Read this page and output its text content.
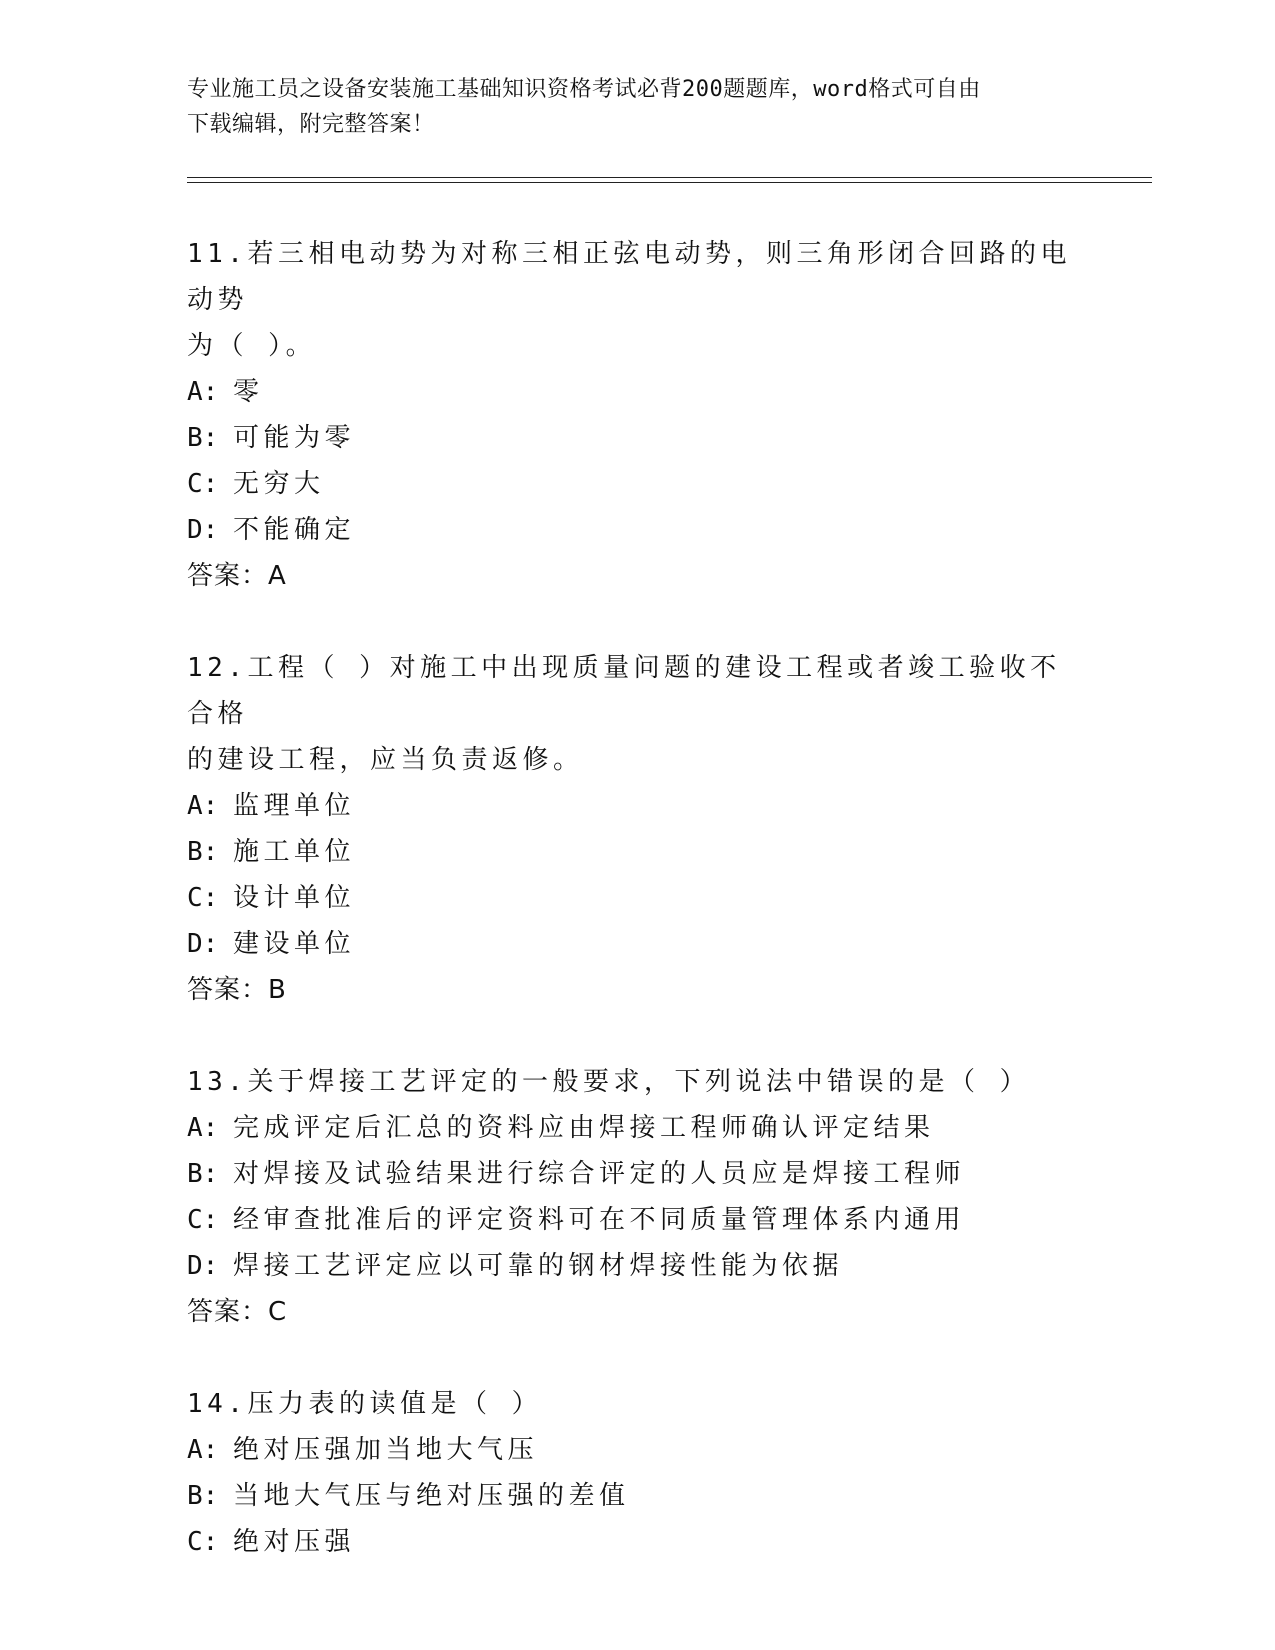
专业施工员之设备安装施工基础知识资格考试必背200题题库，word格式可自由
下载编辑，附完整答案！

11.若三相电动势为对称三相正弦电动势，则三角形闭合回路的电动势

为（ ）。

A: 零

B: 可能为零

C: 无穷大

D: 不能确定

答案：A

12.工程（ ）对施工中出现质量问题的建设工程或者竣工验收不合格

的建设工程，应当负责返修。

A: 监理单位

B: 施工单位

C: 设计单位

D: 建设单位

答案：B

13.关于焊接工艺评定的一般要求，下列说法中错误的是（ ）

A: 完成评定后汇总的资料应由焊接工程师确认评定结果

B: 对焊接及试验结果进行综合评定的人员应是焊接工程师

C: 经审查批准后的评定资料可在不同质量管理体系内通用

D: 焊接工艺评定应以可靠的钢材焊接性能为依据

答案：C

14.压力表的读值是（ ）

A: 绝对压强加当地大气压

B: 当地大气压与绝对压强的差值

C: 绝对压强
